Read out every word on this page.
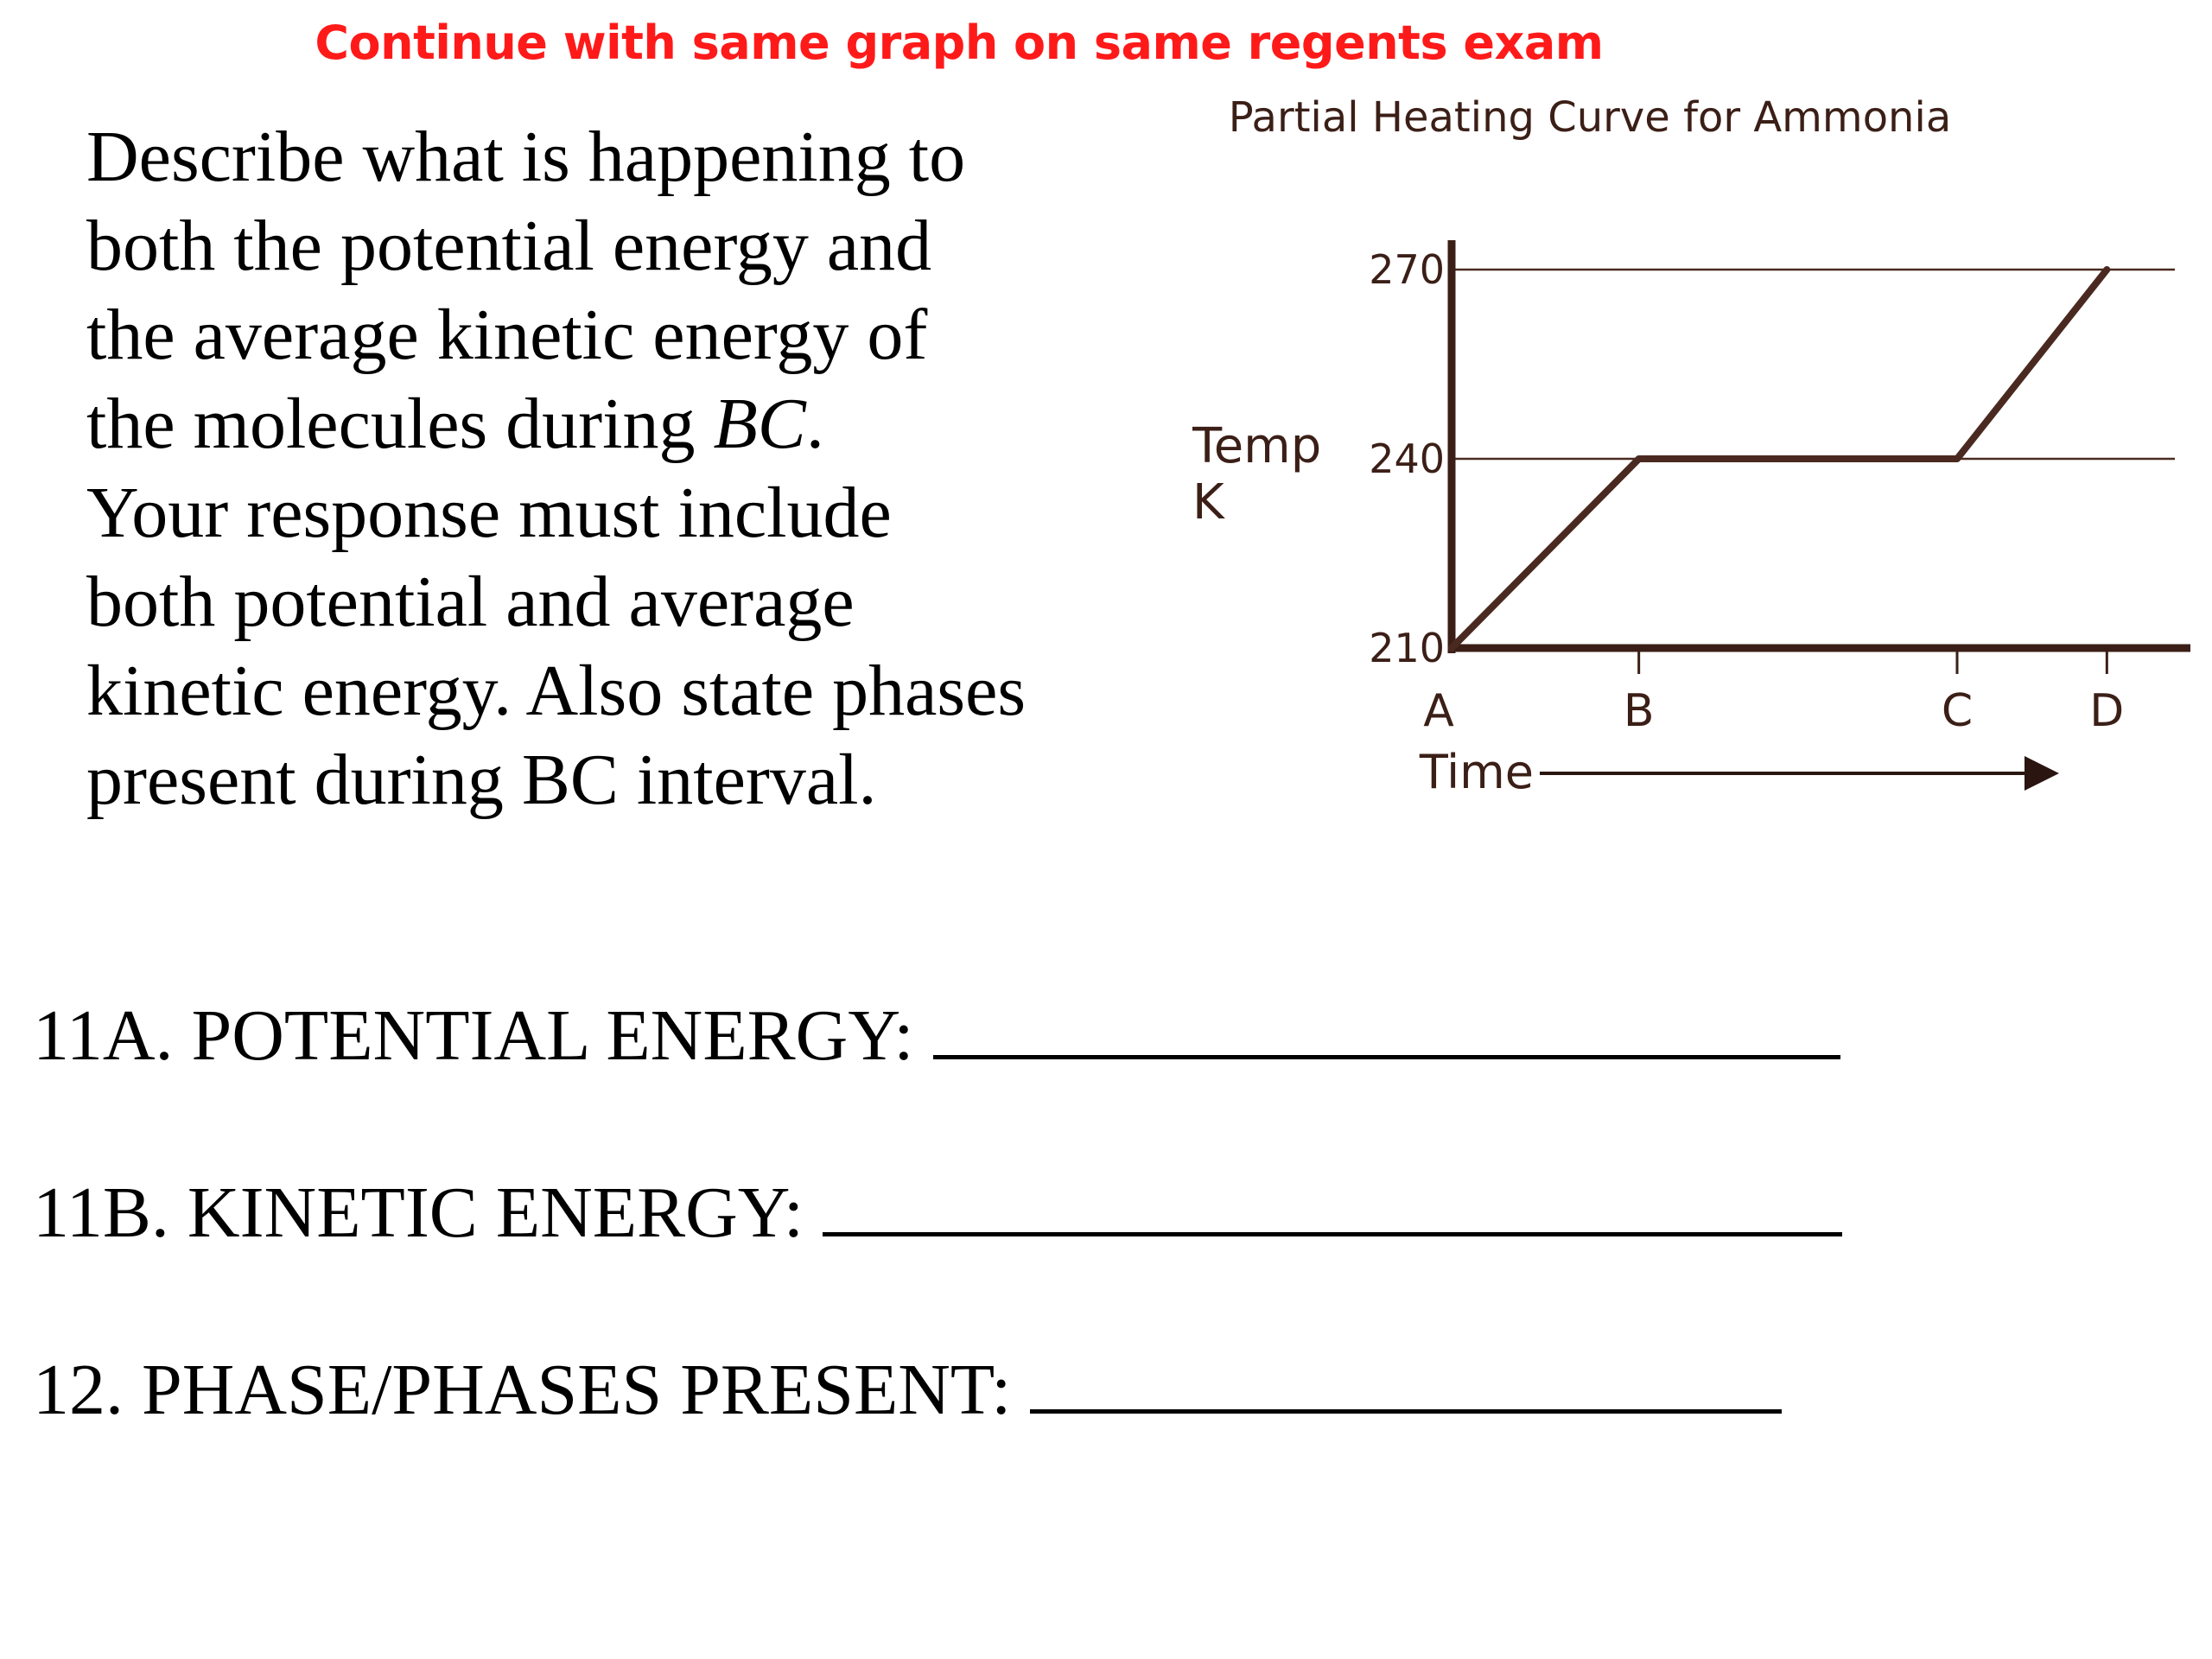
Continue with same graph on same regents exam
Describe what is happening to
both the potential energy and
the average kinetic energy of
the molecules during BC.
Your response must include
both potential and average
kinetic energy. Also state phases
present during BC interval.
Partial Heating Curve for Ammonia
Temp
K
210
240
270
A	B	C	D
Time
11A. POTENTIAL ENERGY:
11B. KINETIC ENERGY:
12. PHASE/PHASES PRESENT:
